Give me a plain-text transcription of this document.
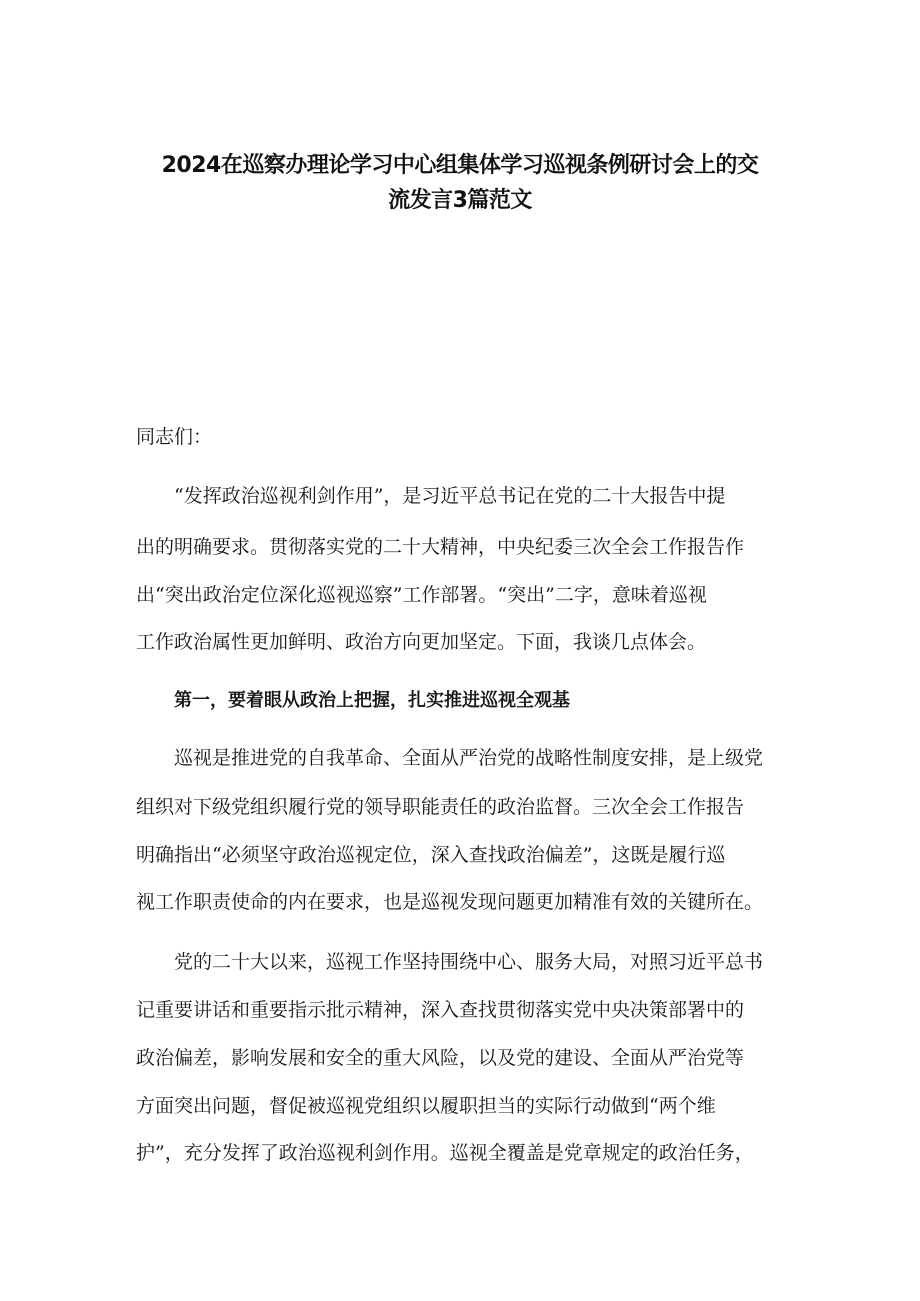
2024在巡察办理论学习中心组集体学习巡视条例研讨会上的交
流发言3篇范文
同志们：
“发挥政治巡视利剑作用”，是习近平总书记在党的二十大报告中提
出的明确要求。贯彻落实党的二十大精神，中央纪委三次全会工作报告作
出“突出政治定位深化巡视巡察”工作部署。“突出”二字，意味着巡视
工作政治属性更加鲜明、政治方向更加坚定。下面，我谈几点体会。
第一，要着眼从政治上把握，扎实推进巡视全观基
巡视是推进党的自我革命、全面从严治党的战略性制度安排，是上级党
组织对下级党组织履行党的领导职能责任的政治监督。三次全会工作报告
明确指出“必须坚守政治巡视定位，深入查找政治偏差”，这既是履行巡
视工作职责使命的内在要求，也是巡视发现问题更加精准有效的关键所在。
党的二十大以来，巡视工作坚持围绕中心、服务大局，对照习近平总书
记重要讲话和重要指示批示精神，深入查找贯彻落实党中央决策部署中的
政治偏差，影响发展和安全的重大风险，以及党的建设、全面从严治党等
方面突出问题，督促被巡视党组织以履职担当的实际行动做到“两个维
护”，充分发挥了政治巡视利剑作用。巡视全覆盖是党章规定的政治任务，
